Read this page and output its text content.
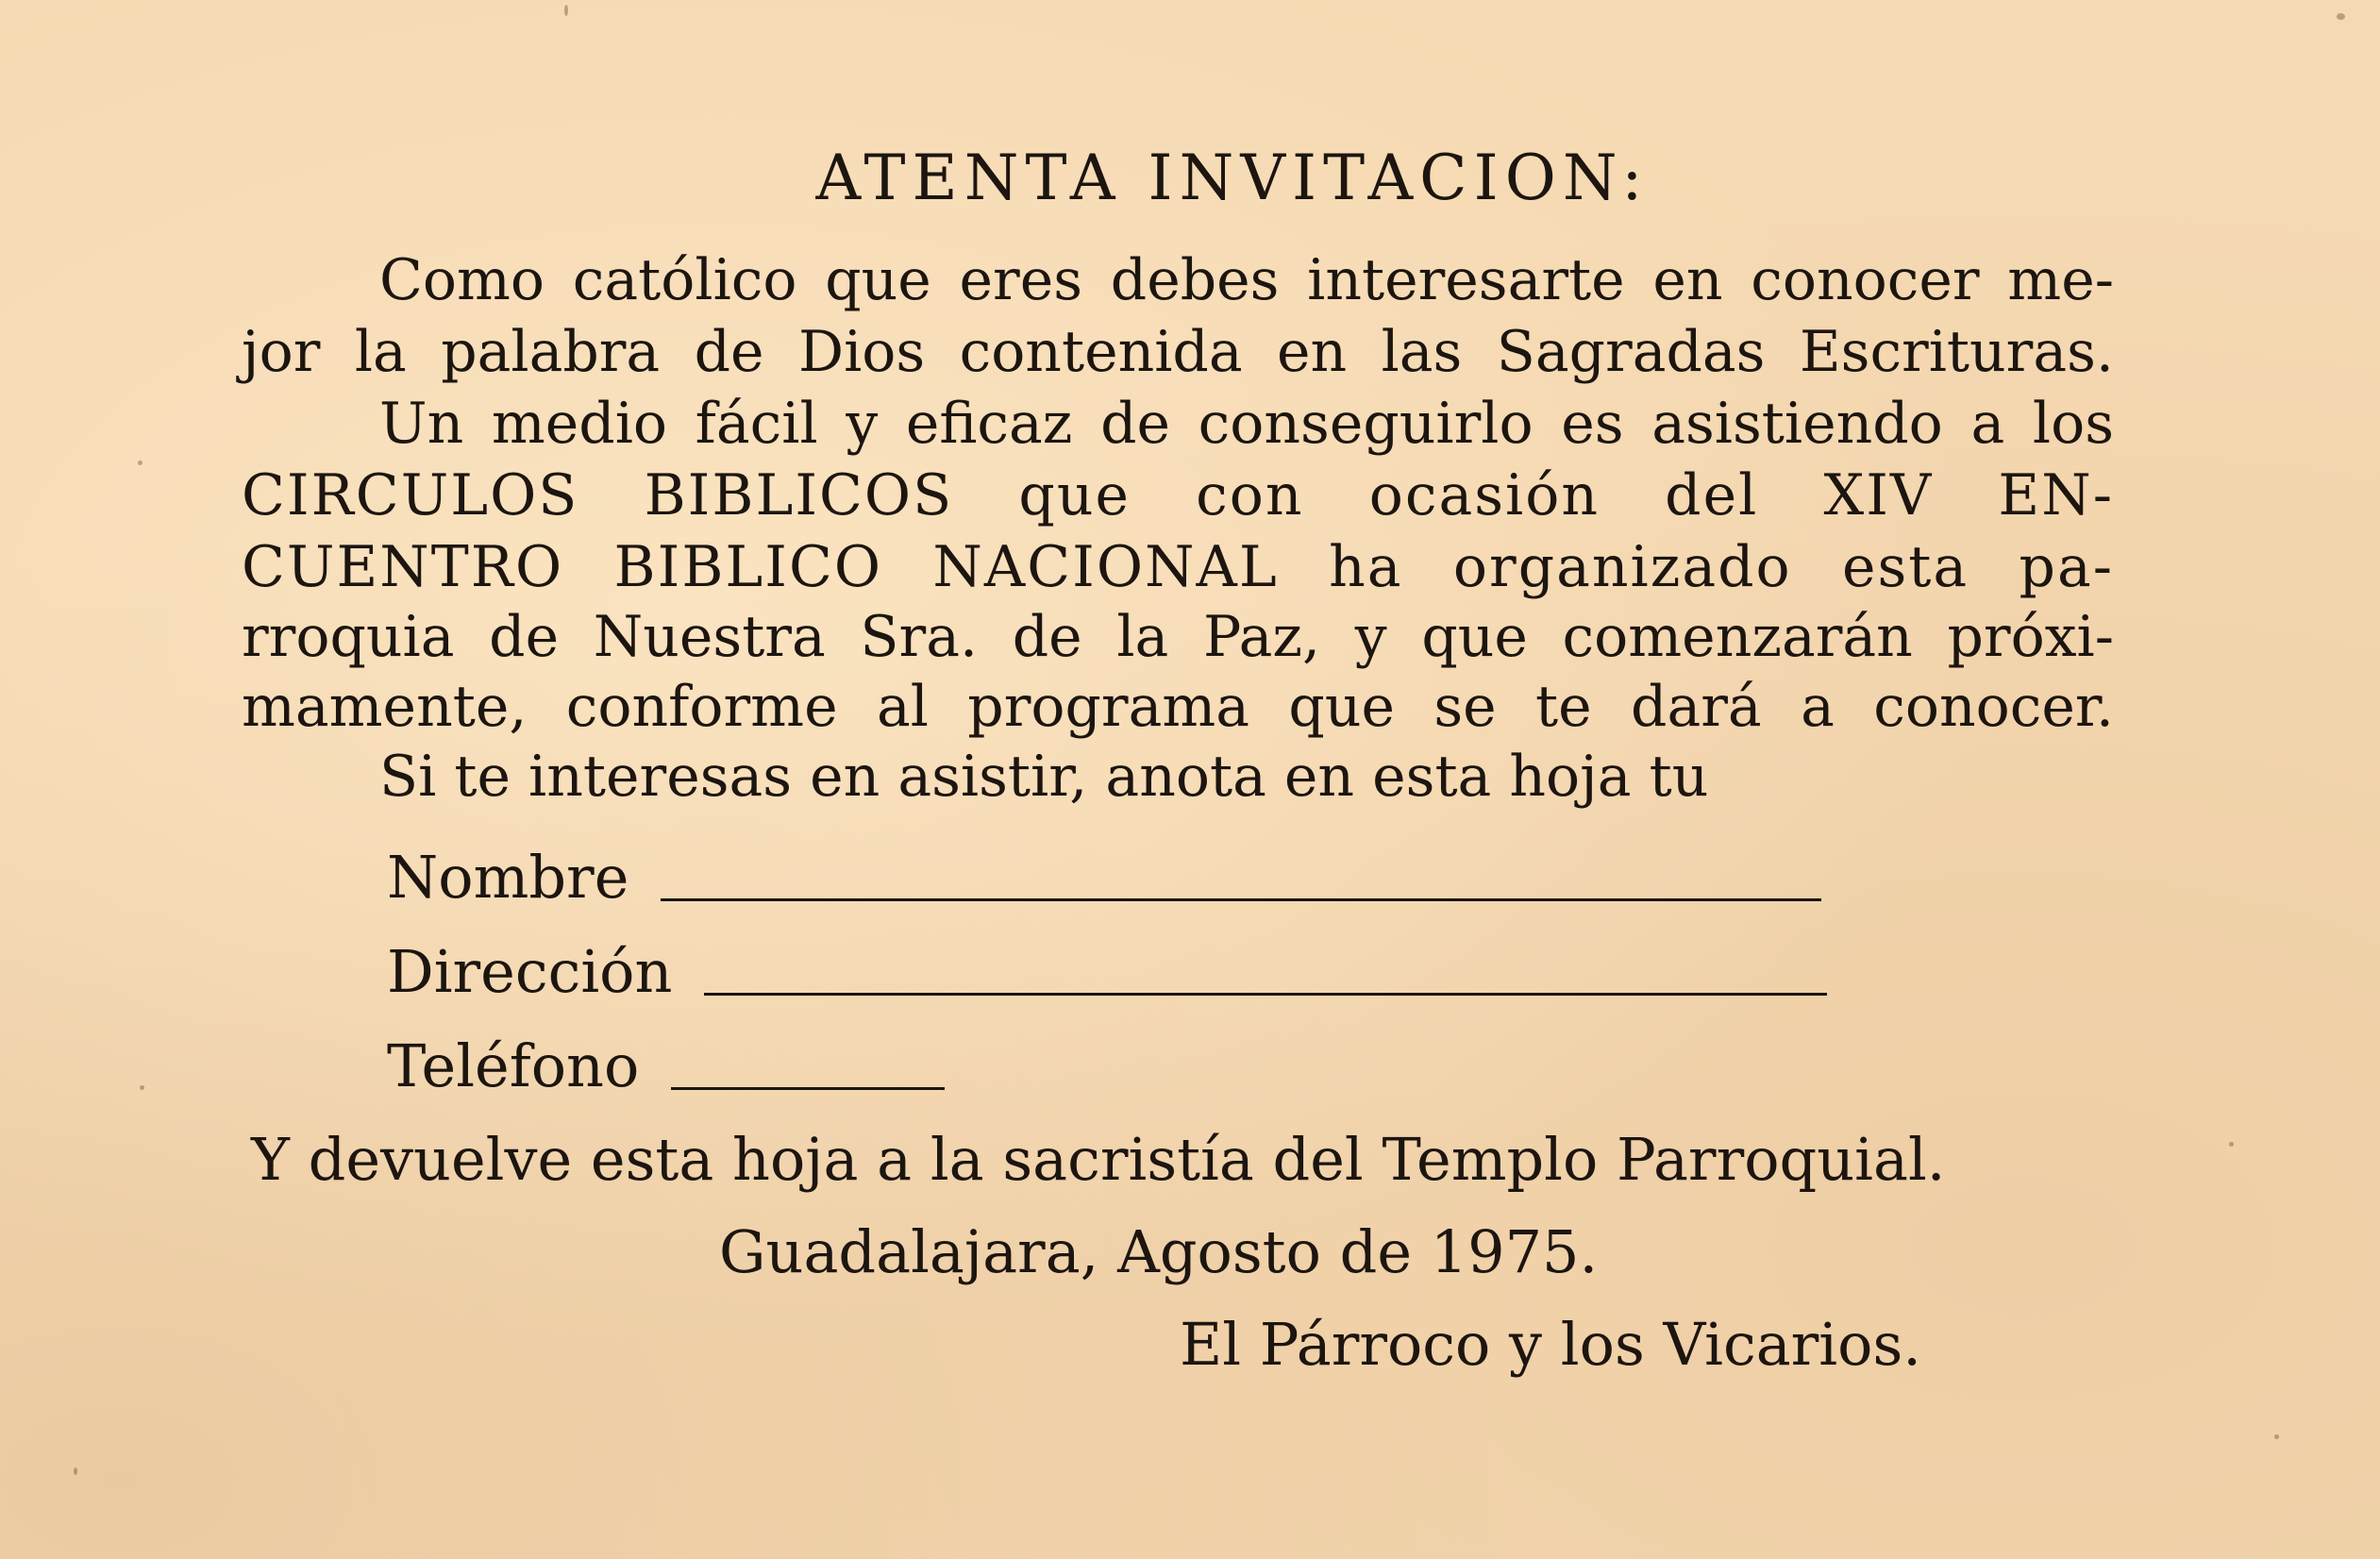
ATENTA INVITACION:
Como católico que eres debes interesarte en conocer me-
jor la palabra de Dios contenida en las Sagradas Escrituras.
Un medio fácil y eficaz de conseguirlo es asistiendo a los
CIRCULOS BIBLICOS que con ocasión del XIV EN-
CUENTRO BIBLICO NACIONAL ha organizado esta pa-
rroquia de Nuestra Sra. de la Paz, y que comenzarán próxi-
mamente, conforme al programa que se te dará a conocer.
Si te interesas en asistir, anota en esta hoja tu
Nombre
Dirección
Teléfono
Y devuelve esta hoja a la sacristía del Templo Parroquial.
Guadalajara, Agosto de 1975.
El Párroco y los Vicarios.
